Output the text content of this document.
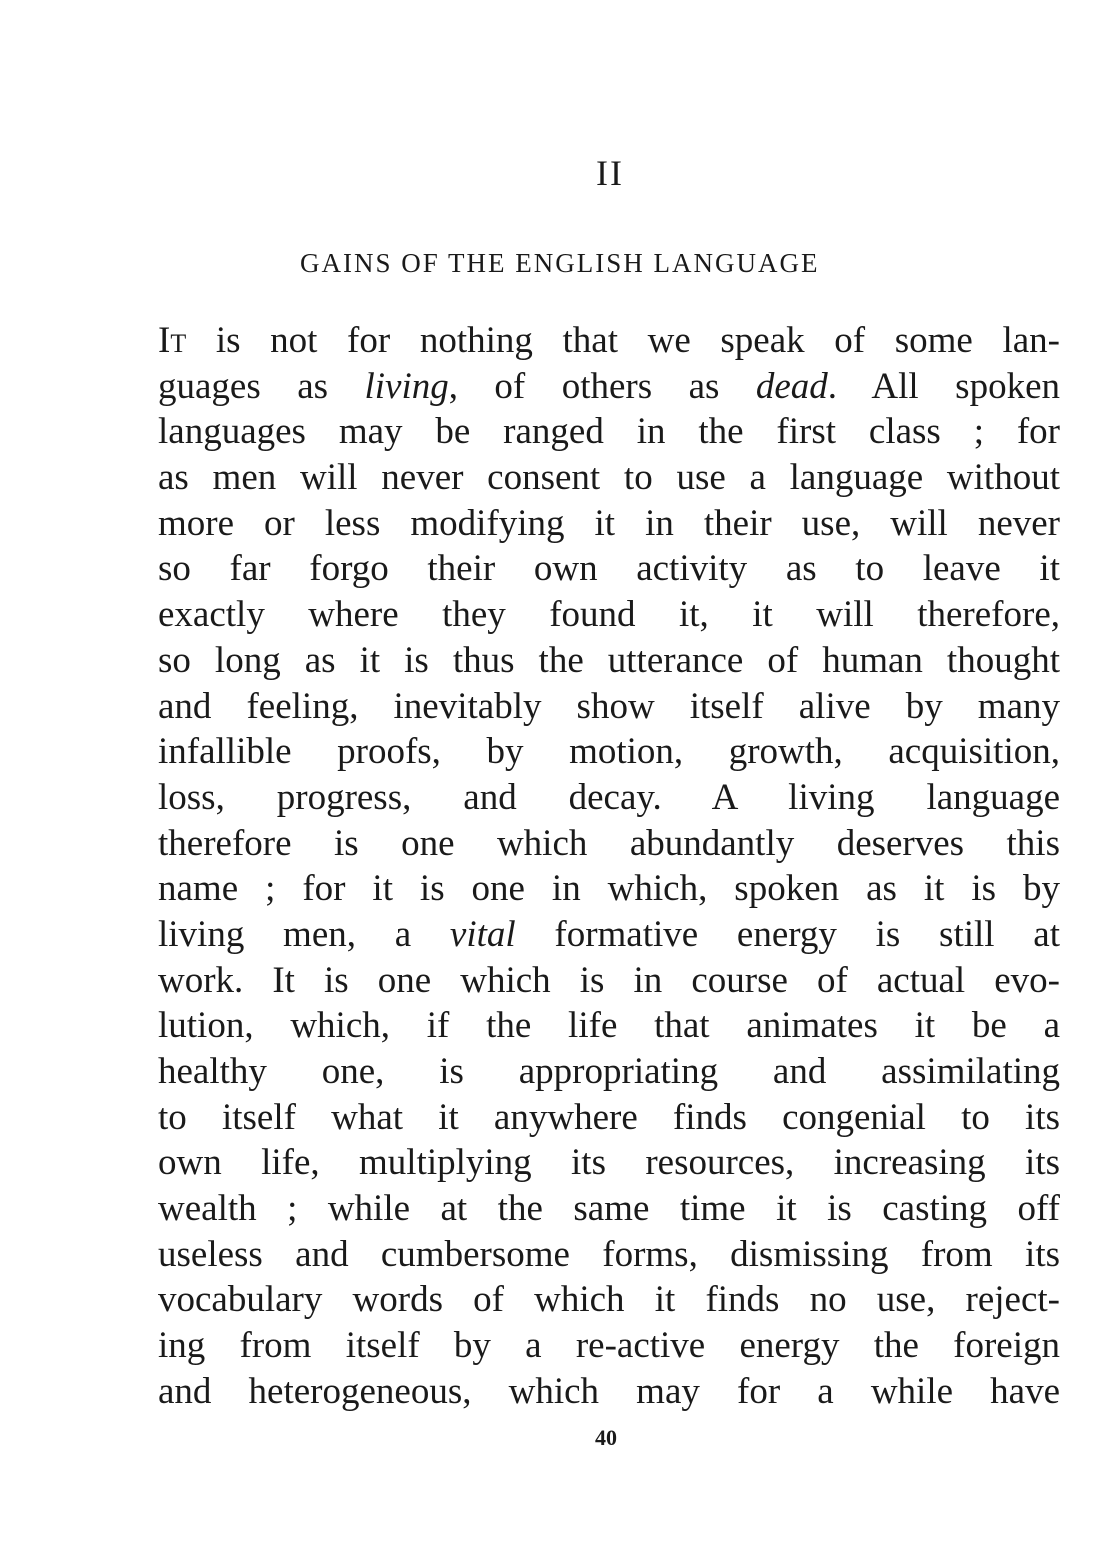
II
GAINS OF THE ENGLISH LANGUAGE
It is not for nothing that we speak of some lan-
guages as living, of others as dead. All spoken
languages may be ranged in the first class ; for
as men will never consent to use a language without
more or less modifying it in their use, will never
so far forgo their own activity as to leave it
exactly where they found it, it will therefore,
so long as it is thus the utterance of human thought
and feeling, inevitably show itself alive by many
infallible proofs, by motion, growth, acquisition,
loss, progress, and decay. A living language
therefore is one which abundantly deserves this
name ; for it is one in which, spoken as it is by
living men, a vital formative energy is still at
work. It is one which is in course of actual evo-
lution, which, if the life that animates it be a
healthy one, is appropriating and assimilating
to itself what it anywhere finds congenial to its
own life, multiplying its resources, increasing its
wealth ; while at the same time it is casting off
useless and cumbersome forms, dismissing from its
vocabulary words of which it finds no use, reject-
ing from itself by a re-active energy the foreign
and heterogeneous, which may for a while have
40
